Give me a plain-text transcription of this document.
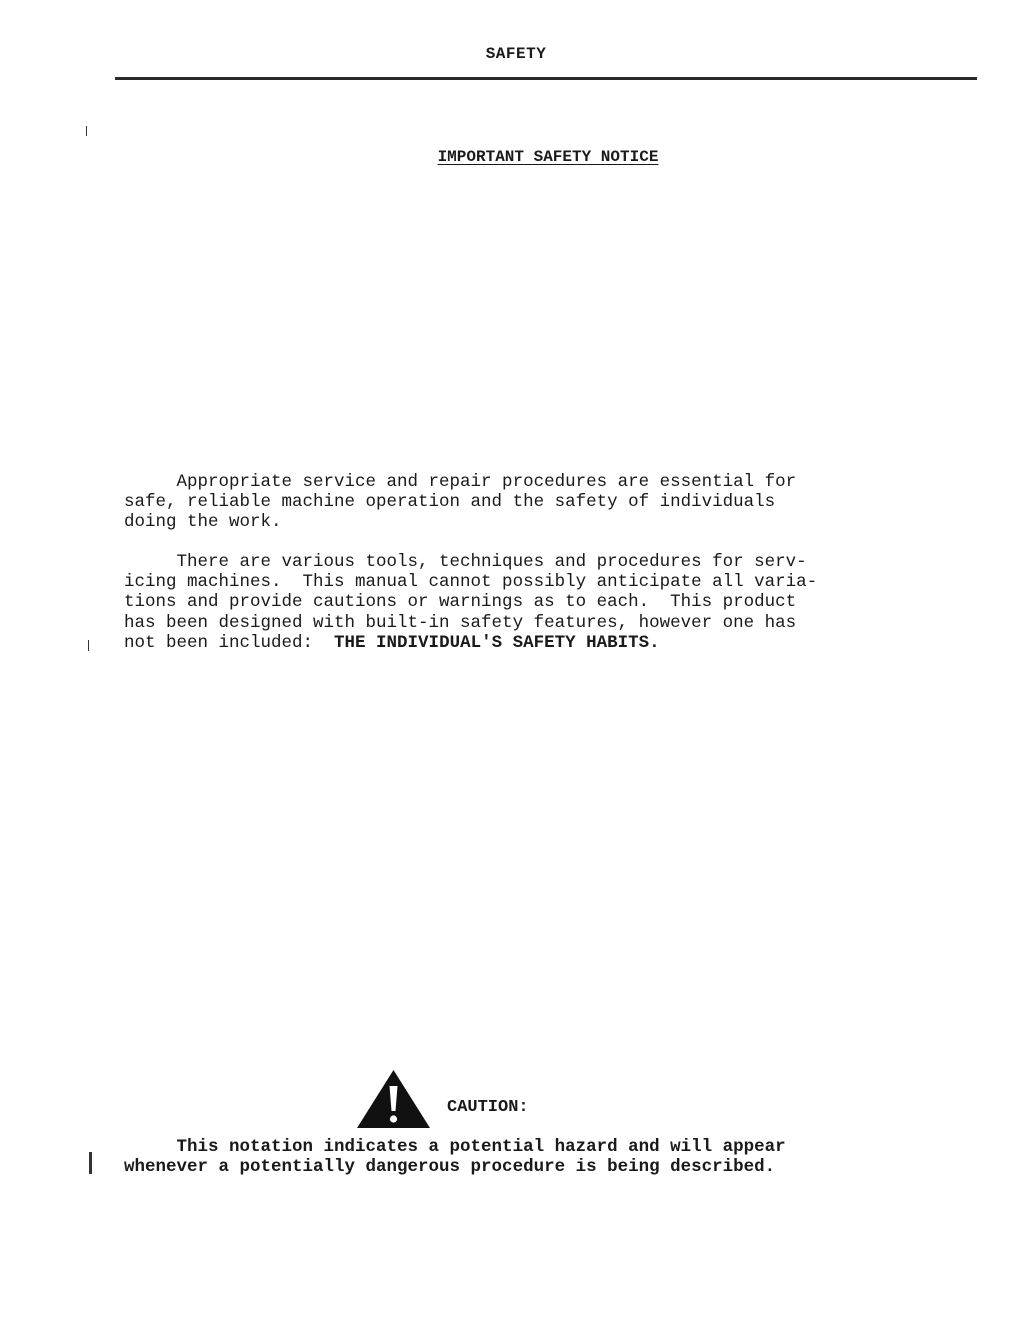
SAFETY
IMPORTANT SAFETY NOTICE
Appropriate service and repair procedures are essential for
safe, reliable machine operation and the safety of individuals
doing the work.
There are various tools, techniques and procedures for serv-
icing machines.  This manual cannot possibly anticipate all varia-
tions and provide cautions or warnings as to each.  This product
has been designed with built-in safety features, however one has
not been included:  THE INDIVIDUAL'S SAFETY HABITS.
CAUTION:
This notation indicates a potential hazard and will appear
whenever a potentially dangerous procedure is being described.
